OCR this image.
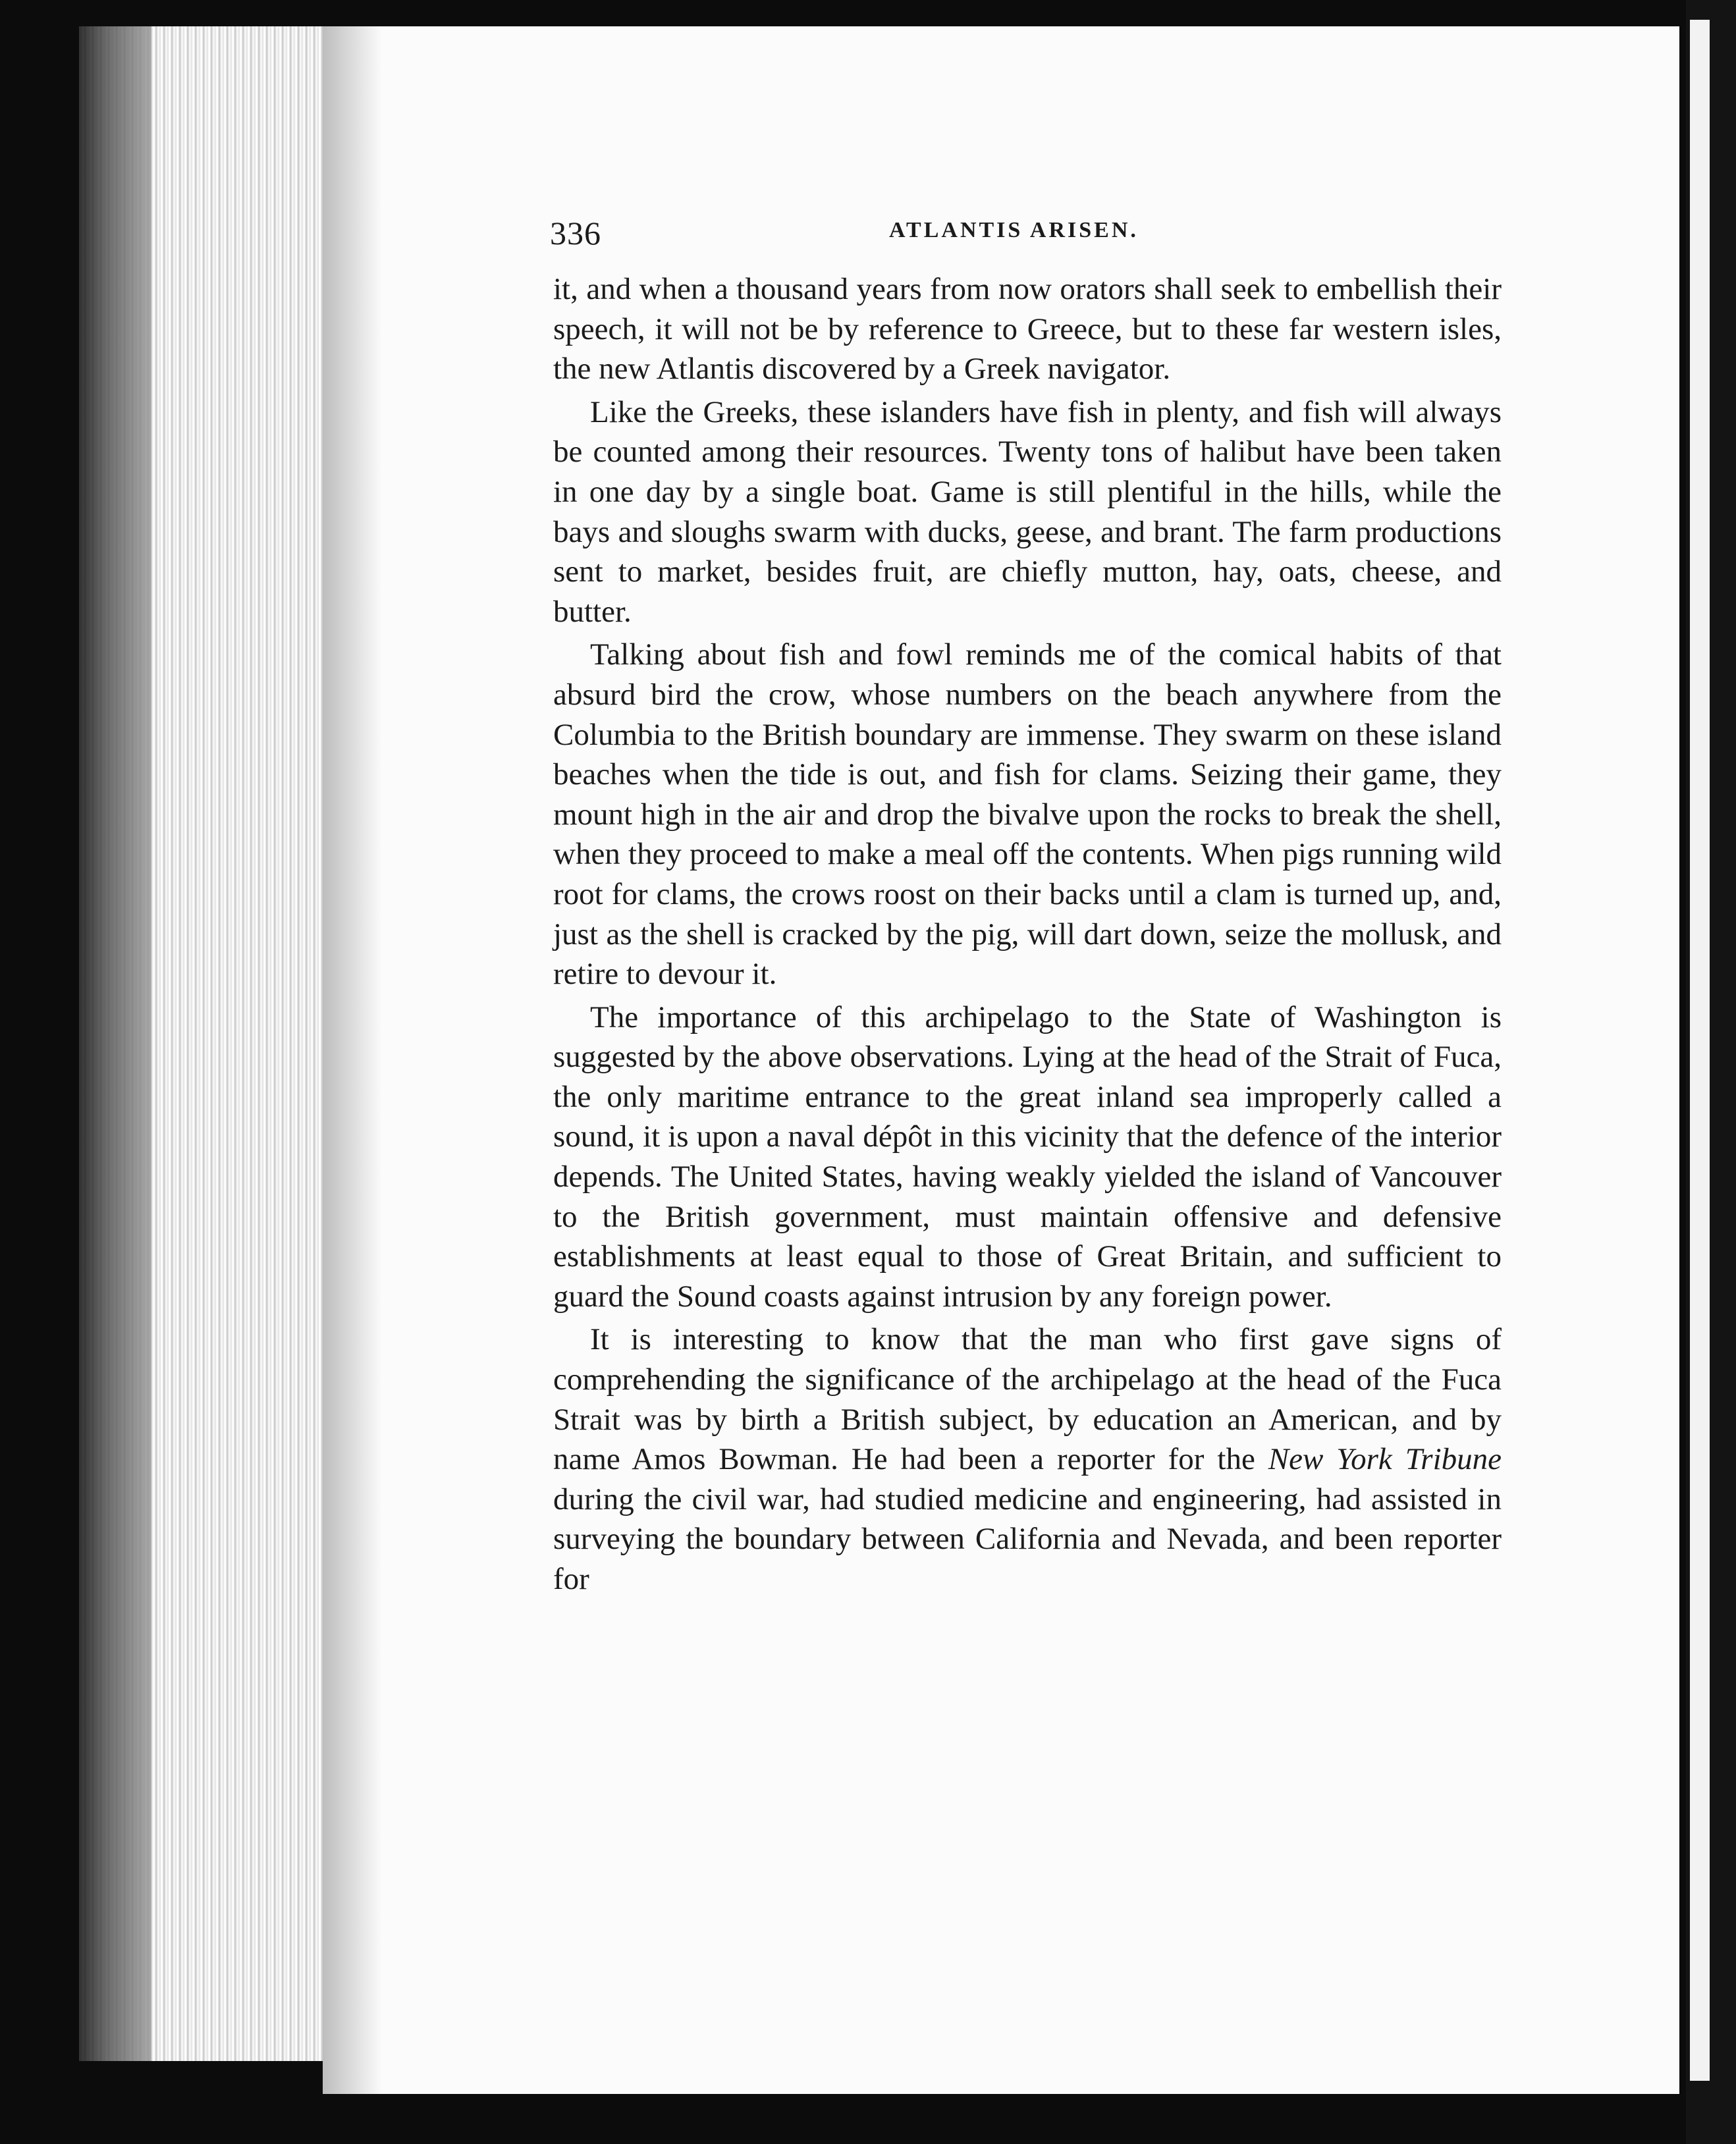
336	ATLANTIS ARISEN.

it, and when a thousand years from now orators shall seek to embellish their speech, it will not be by reference to Greece, but to these far western isles, the new Atlantis discovered by a Greek navigator.

Like the Greeks, these islanders have fish in plenty, and fish will always be counted among their resources. Twenty tons of halibut have been taken in one day by a single boat. Game is still plentiful in the hills, while the bays and sloughs swarm with ducks, geese, and brant. The farm productions sent to market, besides fruit, are chiefly mutton, hay, oats, cheese, and butter.

Talking about fish and fowl reminds me of the comical habits of that absurd bird the crow, whose numbers on the beach anywhere from the Columbia to the British boundary are immense. They swarm on these island beaches when the tide is out, and fish for clams. Seizing their game, they mount high in the air and drop the bivalve upon the rocks to break the shell, when they proceed to make a meal off the contents. When pigs running wild root for clams, the crows roost on their backs until a clam is turned up, and, just as the shell is cracked by the pig, will dart down, seize the mollusk, and retire to devour it.

The importance of this archipelago to the State of Washington is suggested by the above observations. Lying at the head of the Strait of Fuca, the only maritime entrance to the great inland sea improperly called a sound, it is upon a naval dépôt in this vicinity that the defence of the interior depends. The United States, having weakly yielded the island of Vancouver to the British government, must maintain offensive and defensive establishments at least equal to those of Great Britain, and sufficient to guard the Sound coasts against intrusion by any foreign power.

It is interesting to know that the man who first gave signs of comprehending the significance of the archipelago at the head of the Fuca Strait was by birth a British subject, by education an American, and by name Amos Bowman. He had been a reporter for the New York Tribune during the civil war, had studied medicine and engineering, had assisted in surveying the boundary between California and Nevada, and been reporter for
